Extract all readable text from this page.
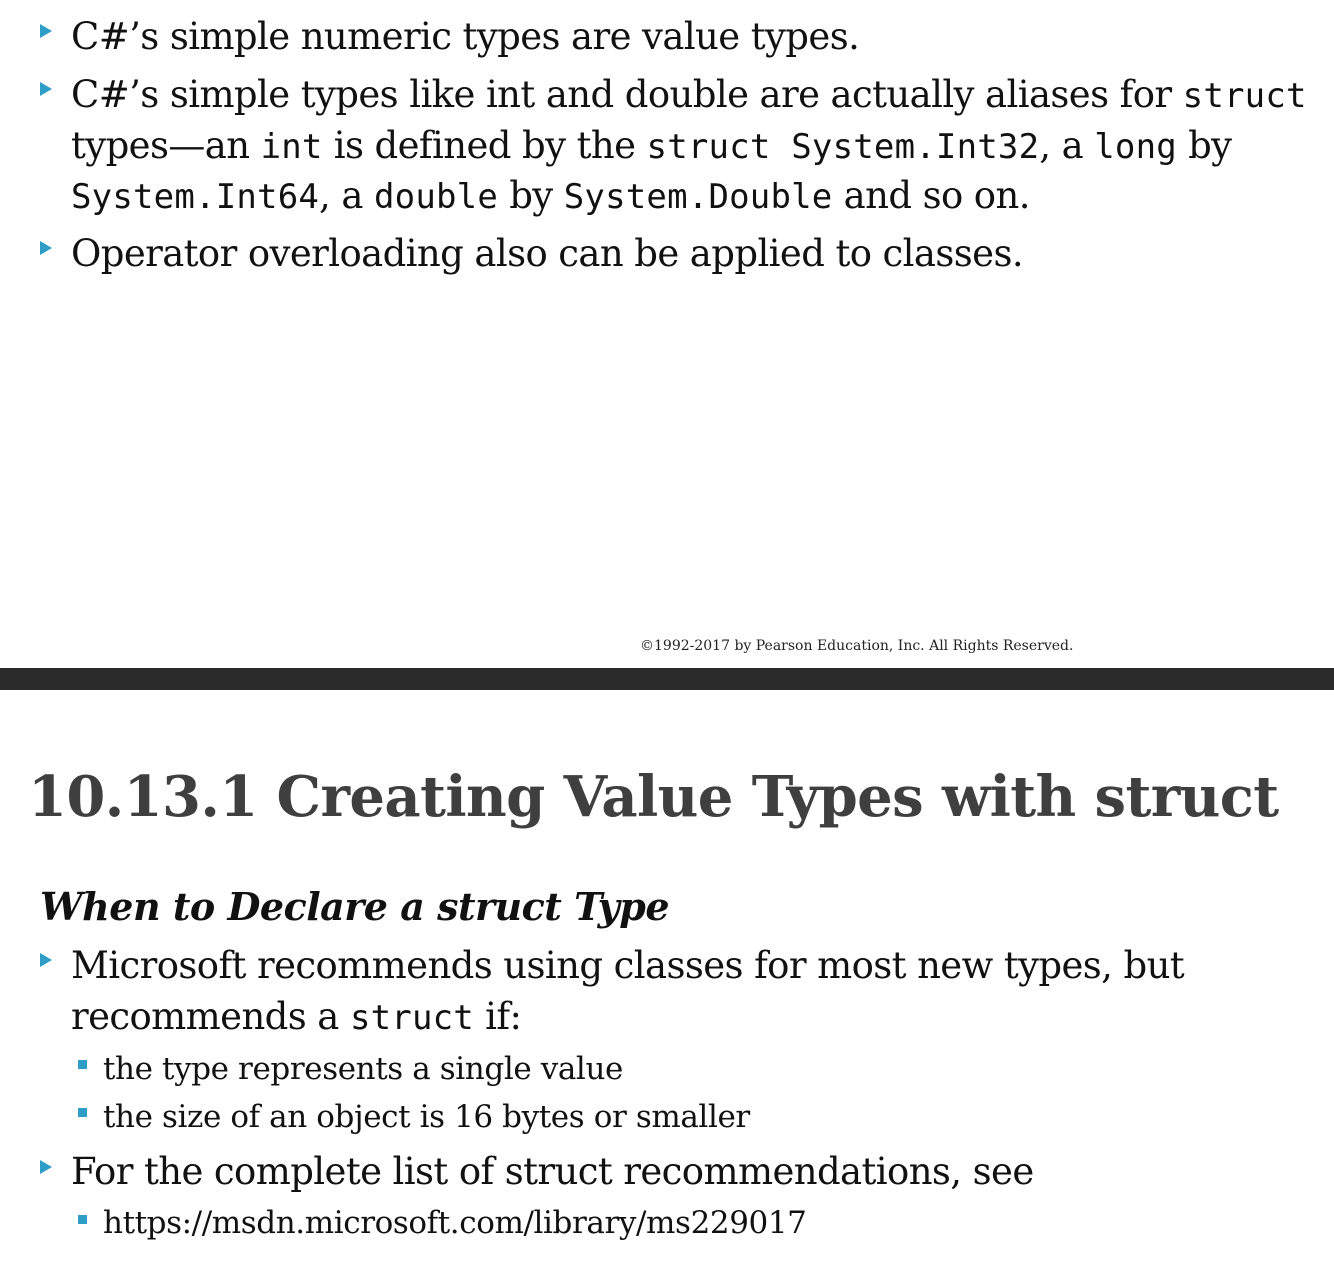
C#’s simple numeric types are value types.
C#’s simple types like int and double are actually aliases for struct
types—an int is defined by the struct System.Int32, a long by
System.Int64, a double by System.Double and so on.
Operator overloading also can be applied to classes.
©1992-2017 by Pearson Education, Inc. All Rights Reserved.
10.13.1 Creating Value Types with struct
When to Declare a struct Type
Microsoft recommends using classes for most new types, but
recommends a struct if:
the type represents a single value
the size of an object is 16 bytes or smaller
For the complete list of struct recommendations, see
https://msdn.microsoft.com/library/ms229017
